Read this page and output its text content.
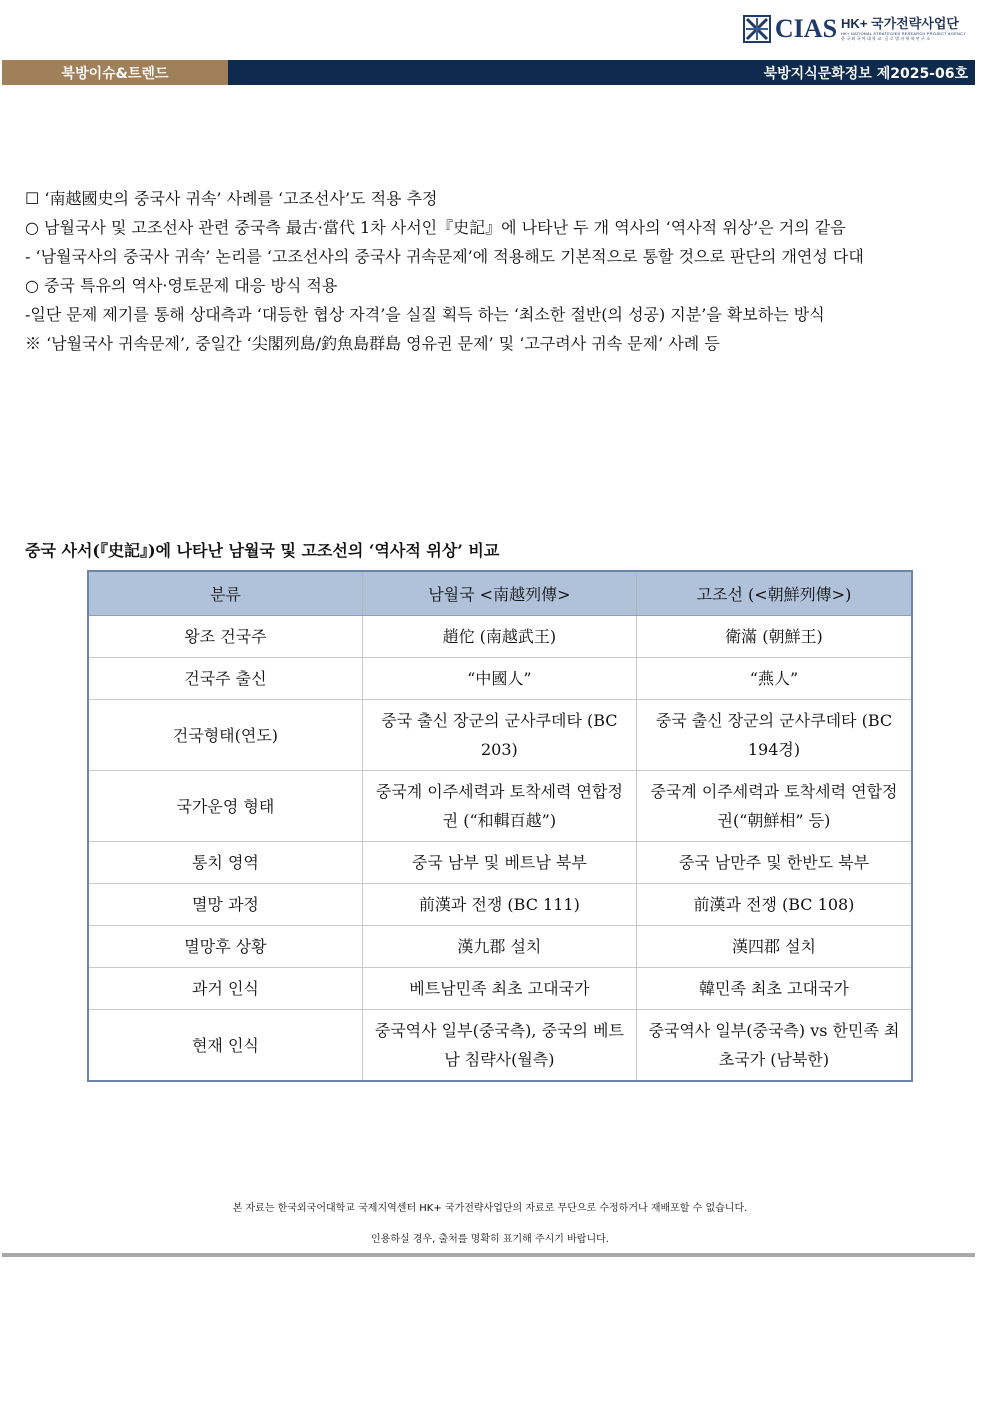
CIAS HK+ 국가전략사업단
HK+ NATIONAL STRATEGIES RESEARCH PROJECT AGENCY
한국외국어대학교 글로벌지역학연구소
북방이슈&트렌드	북방지식문화정보 제2025-06호
☐ ‘南越國史의 중국사 귀속’ 사례를 ‘고조선사’도 적용 추정
○ 남월국사 및 고조선사 관련 중국측 最古·當代 1차 사서인『史記』에 나타난 두 개 역사의 ‘역사적 위상’은 거의 같음
- ‘남월국사의 중국사 귀속’ 논리를 ‘고조선사의 중국사 귀속문제’에 적용해도 기본적으로 통할 것으로 판단의 개연성 다대
○ 중국 특유의 역사·영토문제 대응 방식 적용
-일단 문제 제기를 통해 상대측과 ‘대등한 협상 자격’을 실질 획득 하는 ‘최소한 절반(의 성공) 지분’을 확보하는 방식
※ ‘남월국사 귀속문제’, 중일간 ‘尖閣列島/釣魚島群島 영유권 문제’ 및 ‘고구려사 귀속 문제’ 사례 등
중국 사서(『史記』)에 나타난 남월국 및 고조선의 ‘역사적 위상’ 비교
분류	남월국 <南越列傳>	고조선 (<朝鮮列傳>)
왕조 건국주	趙佗 (南越武王)	衛滿 (朝鮮王)
건국주 출신	“中國人”	“燕人”
건국형태(연도)	중국 출신 장군의 군사쿠데타 (BC 203)	중국 출신 장군의 군사쿠데타 (BC 194경)
국가운영 형태	중국계 이주세력과 토착세력 연합정권 (“和輯百越”)	중국계 이주세력과 토착세력 연합정권(“朝鮮相” 등)
통치 영역	중국 남부 및 베트남 북부	중국 남만주 및 한반도 북부
멸망 과정	前漢과 전쟁 (BC 111)	前漢과 전쟁 (BC 108)
멸망후 상황	漢九郡 설치	漢四郡 설치
과거 인식	베트남민족 최초 고대국가	韓민족 최초 고대국가
현재 인식	중국역사 일부(중국측), 중국의 베트남 침략사(월측)	중국역사 일부(중국측) vs 한민족 최초국가 (남북한)
본 자료는 한국외국어대학교 국제지역센터 HK+ 국가전략사업단의 자료로 무단으로 수정하거나 재배포할 수 없습니다.
인용하실 경우, 출처를 명확히 표기해 주시기 바랍니다.
